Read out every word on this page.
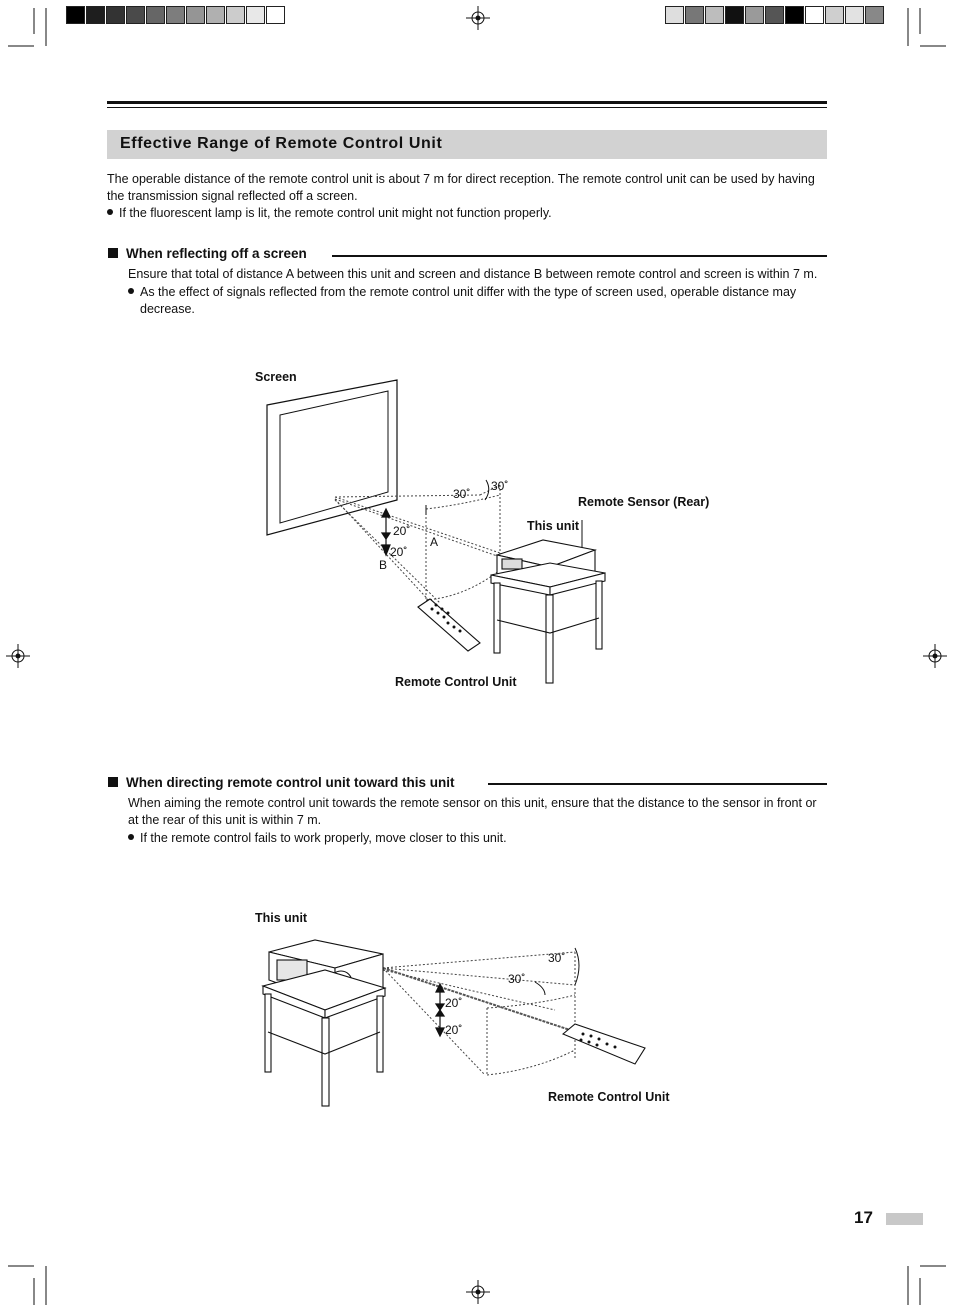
Effective Range of Remote Control Unit
The operable distance of the remote control unit is about 7 m for direct reception. The remote control unit can be used by having the transmission signal reflected off a screen.
If the fluorescent lamp is lit, the remote control unit might not function properly.
When reflecting off a screen
Ensure that total of distance A between this unit and screen and distance B between remote control and screen is within 7 m.
As the effect of signals reflected from the remote control unit differ with the type of screen used, operable distance may decrease.
Screen
Remote Sensor (Rear)
This unit
Remote Control Unit
30˚
30˚
20˚
20˚
A
B
When directing remote control unit toward this unit
When aiming the remote control unit towards the remote sensor on this unit, ensure that the distance to the sensor in front or at the rear of this unit is within 7 m.
If the remote control fails to work properly, move closer to this unit.
This unit
Remote Control Unit
30˚
30˚
20˚
20˚
17
